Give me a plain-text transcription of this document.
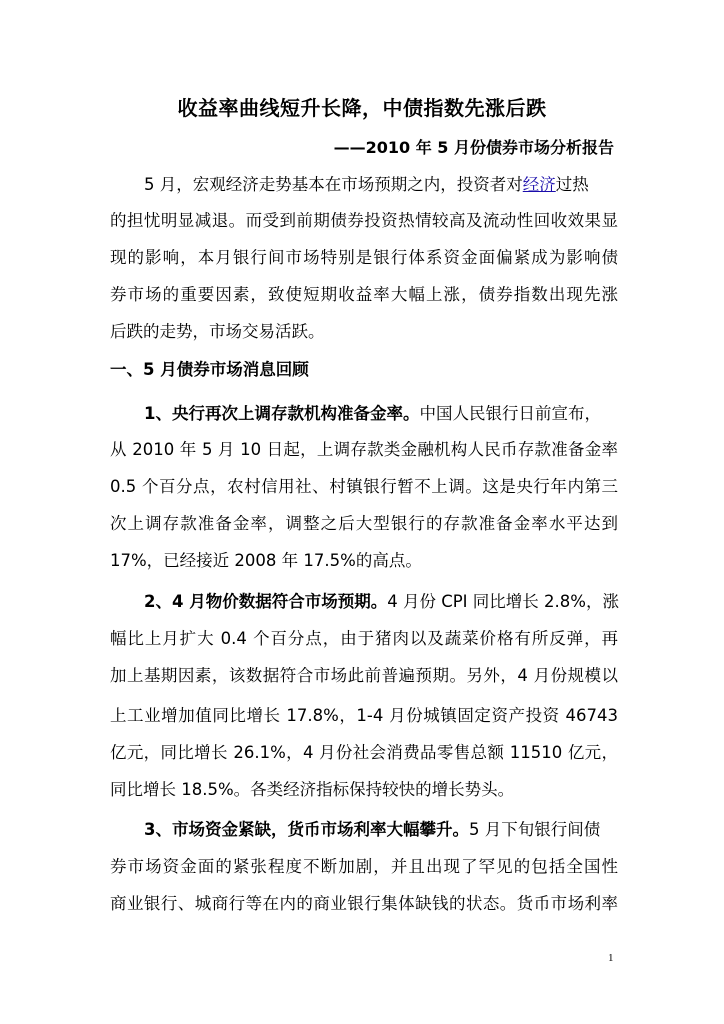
收益率曲线短升长降，中债指数先涨后跌
——2010 年 5 月份债券市场分析报告
5 月，宏观经济走势基本在市场预期之内，投资者对经济过热
的担忧明显减退。而受到前期债券投资热情较高及流动性回收效果显
现的影响，本月银行间市场特别是银行体系资金面偏紧成为影响债
券市场的重要因素，致使短期收益率大幅上涨，债券指数出现先涨
后跌的走势，市场交易活跃。
一、5 月债券市场消息回顾
1、央行再次上调存款机构准备金率。中国人民银行日前宣布，
从 2010 年 5 月 10 日起，上调存款类金融机构人民币存款准备金率
0.5 个百分点，农村信用社、村镇银行暂不上调。这是央行年内第三
次上调存款准备金率，调整之后大型银行的存款准备金率水平达到
17%，已经接近 2008 年 17.5%的高点。
2、4 月物价数据符合市场预期。4 月份 CPI 同比增长 2.8%，涨
幅比上月扩大 0.4 个百分点，由于猪肉以及蔬菜价格有所反弹，再
加上基期因素，该数据符合市场此前普遍预期。另外，4 月份规模以
上工业增加值同比增长 17.8%，1-4 月份城镇固定资产投资 46743
亿元，同比增长 26.1%，4 月份社会消费品零售总额 11510 亿元，
同比增长 18.5%。各类经济指标保持较快的增长势头。
3、市场资金紧缺，货币市场利率大幅攀升。5 月下旬银行间债
券市场资金面的紧张程度不断加剧，并且出现了罕见的包括全国性
商业银行、城商行等在内的商业银行集体缺钱的状态。货币市场利率
1
